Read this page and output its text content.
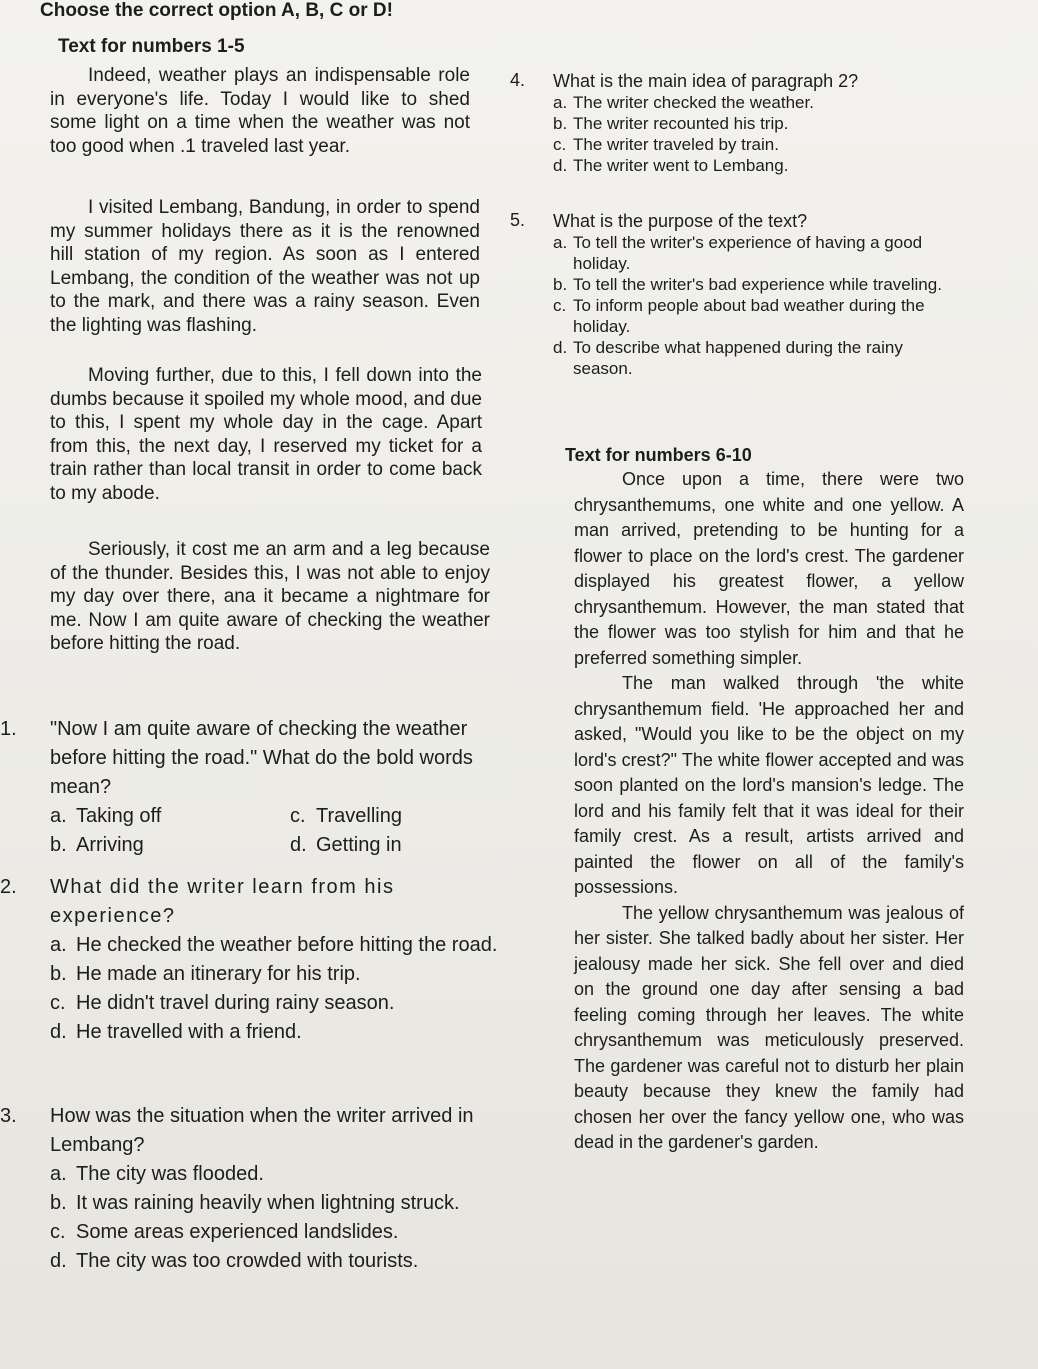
Choose the correct option A, B, C or D!
Text for numbers 1-5
Indeed, weather plays an indispensable role in everyone's life. Today I would like to shed some light on a time when the weather was not too good when .1 traveled last year.
I visited Lembang, Bandung, in order to spend my summer holidays there as it is the renowned hill station of my region. As soon as I entered Lembang, the condition of the weather was not up to the mark, and there was a rainy season. Even the lighting was flashing.
Moving further, due to this, I fell down into the dumbs because it spoiled my whole mood, and due to this, I spent my whole day in the cage. Apart from this, the next day, I reserved my ticket for a train rather than local transit in order to come back to my abode.
Seriously, it cost me an arm and a leg because of the thunder. Besides this, I was not able to enjoy my day over there, ana it became a nightmare for me. Now I am quite aware of checking the weather before hitting the road.
1.	"Now I am quite aware of checking the weather before hitting the road." What do the bold words mean?
a. Taking off	c. Travelling
b. Arriving	d. Getting in
2.	What did the writer learn from his experience?
a. He checked the weather before hitting the road.
b. He made an itinerary for his trip.
c. He didn't travel during rainy season.
d. He travelled with a friend.
3.	How was the situation when the writer arrived in Lembang?
a. The city was flooded.
b. It was raining heavily when lightning struck.
c. Some areas experienced landslides.
d. The city was too crowded with tourists.
4.	What is the main idea of paragraph 2?
a. The writer checked the weather.
b. The writer recounted his trip.
c. The writer traveled by train.
d. The writer went to Lembang.
5.	What is the purpose of the text?
a. To tell the writer's experience of having a good holiday.
b. To tell the writer's bad experience while traveling.
c. To inform people about bad weather during the holiday.
d. To describe what happened during the rainy season.
Text for numbers 6-10
Once upon a time, there were two chrysanthemums, one white and one yellow. A man arrived, pretending to be hunting for a flower to place on the lord's crest. The gardener displayed his greatest flower, a yellow chrysanthemum. However, the man stated that the flower was too stylish for him and that he preferred something simpler.
The man walked through 'the white chrysanthemum field. 'He approached her and asked, "Would you like to be the object on my lord's crest?" The white flower accepted and was soon planted on the lord's mansion's ledge. The lord and his family felt that it was ideal for their family crest. As a result, artists arrived and painted the flower on all of the family's possessions.
The yellow chrysanthemum was jealous of her sister. She talked badly about her sister. Her jealousy made her sick. She fell over and died on the ground one day after sensing a bad feeling coming through her leaves. The white chrysanthemum was meticulously preserved. The gardener was careful not to disturb her plain beauty because they knew the family had chosen her over the fancy yellow one, who was dead in the gardener's garden.
